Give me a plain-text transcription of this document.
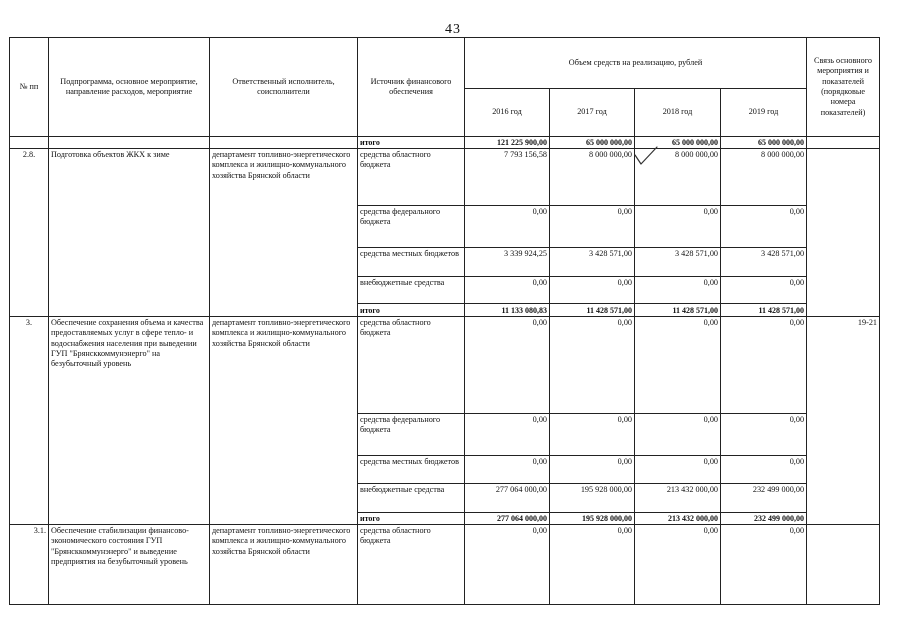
43
№ пп	Подпрограмма, основное мероприятие, направление расходов, мероприятие	Ответственный исполнитель, соисполнители	Источник финансового обеспечения	Объем средств на реализацию, рублей				Связь основного мероприятия и показателей (порядковые номера показателей)
				2016 год	2017 год	2018 год	2019 год	
			итого	121 225 900,00	65 000 000,00	65 000 000,00	65 000 000,00	
2.8.	Подготовка объектов ЖКХ к зиме	департамент топливно-энергетического комплекса и жилищно-коммунального хозяйства Брянской области	средства областного бюджета	7 793 156,58	8 000 000,00	8 000 000,00	8 000 000,00	
			средства федерального бюджета	0,00	0,00	0,00	0,00	
			средства местных бюджетов	3 339 924,25	3 428 571,00	3 428 571,00	3 428 571,00	
			внебюджетные средства	0,00	0,00	0,00	0,00	
			итого	11 133 080,83	11 428 571,00	11 428 571,00	11 428 571,00	
3.	Обеспечение сохранения объема и качества предоставляемых услуг в сфере тепло- и водоснабжения населения при выведении ГУП "Брянсккоммунэнерго" на безубыточный уровень	департамент топливно-энергетического комплекса и жилищно-коммунального хозяйства Брянской области	средства областного бюджета	0,00	0,00	0,00	0,00	19-21
			средства федерального бюджета	0,00	0,00	0,00	0,00	
			средства местных бюджетов	0,00	0,00	0,00	0,00	
			внебюджетные средства	277 064 000,00	195 928 000,00	213 432 000,00	232 499 000,00	
			итого	277 064 000,00	195 928 000,00	213 432 000,00	232 499 000,00	
3.1.	Обеспечение стабилизации финансово- экономического состояния ГУП "Брянсккоммунэнерго" и выведение предприятия на безубыточный уровень	департамент топливно-энергетического комплекса и жилищно-коммунального хозяйства Брянской области	средства областного бюджета	0,00	0,00	0,00	0,00	
